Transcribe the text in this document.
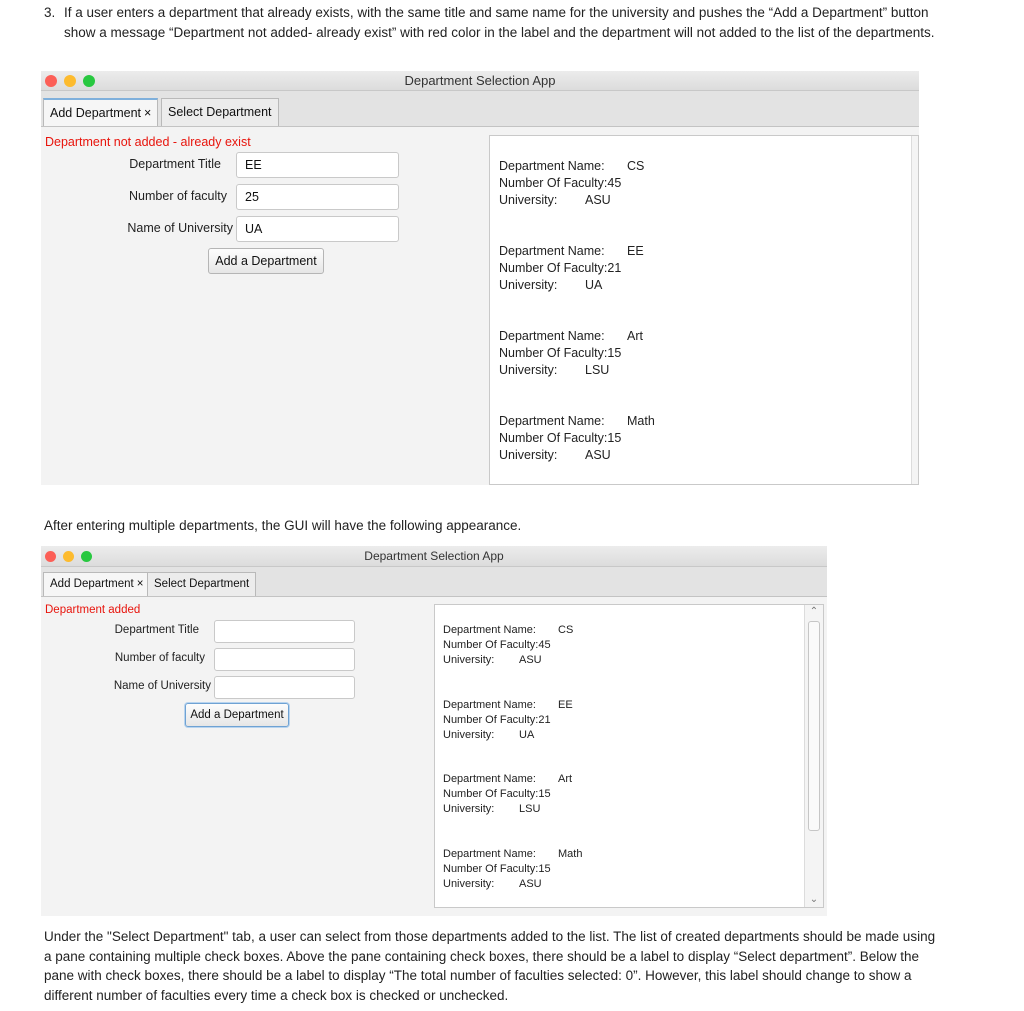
3. If a user enters a department that already exists, with the same title and same name for the university and pushes the “Add a Department” button show a message “Department not added- already exist” with red color in the label and the department will not added to the list of the departments.
Department Selection App
Add Department ×	Select Department
Department not added - already exist
Department Title
EE
Number of faculty
25
Name of University
UA
Add a Department
Department Name: CS
Number Of Faculty:45
University: ASU
Department Name: EE
Number Of Faculty:21
University: UA
Department Name: Art
Number Of Faculty:15
University: LSU
Department Name: Math
Number Of Faculty:15
University: ASU
After entering multiple departments, the GUI will have the following appearance.
Department Selection App
Add Department × Select Department
Department added
Department Title
Number of faculty
Name of University
Add a Department
Department Name: CS
Number Of Faculty:45
University: ASU
Department Name: EE
Number Of Faculty:21
University: UA
Department Name: Art
Number Of Faculty:15
University: LSU
Department Name: Math
Number Of Faculty:15
University: ASU
⌃
⌄
Under the "Select Department" tab, a user can select from those departments added to the list. The list of created departments should be made using a pane containing multiple check boxes. Above the pane containing check boxes, there should be a label to display “Select department”. Below the pane with check boxes, there should be a label to display “The total number of faculties selected: 0”. However, this label should change to show a different number of faculties every time a check box is checked or unchecked.
